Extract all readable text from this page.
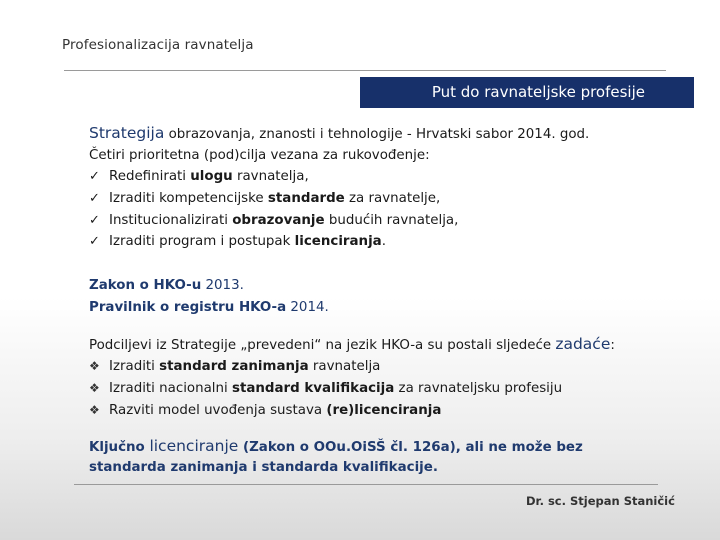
Profesionalizacija ravnatelja
Put do ravnateljske profesije
Strategija obrazovanja, znanosti i tehnologije - Hrvatski sabor 2014. god.
Četiri prioritetna (pod)cilja vezana za rukovođenje:
✓ Redefinirati ulogu ravnatelja,
✓ Izraditi kompetencijske standarde za ravnatelje,
✓ Institucionalizirati obrazovanje budućih ravnatelja,
✓ Izraditi program i postupak licenciranja.
Zakon o HKO-u 2013.
Pravilnik o registru HKO-a 2014.
Podciljevi iz Strategije „prevedeni“ na jezik HKO-a su postali sljedeće zadaće:
❖ Izraditi standard zanimanja ravnatelja
❖ Izraditi nacionalni standard kvalifikacija za ravnateljsku profesiju
❖ Razviti model uvođenja sustava (re)licenciranja
Ključno licenciranje (Zakon o OOu.OiSŠ čl. 126a), ali ne može bez
standarda zanimanja i standarda kvalifikacije.
Dr. sc. Stjepan Staničić
